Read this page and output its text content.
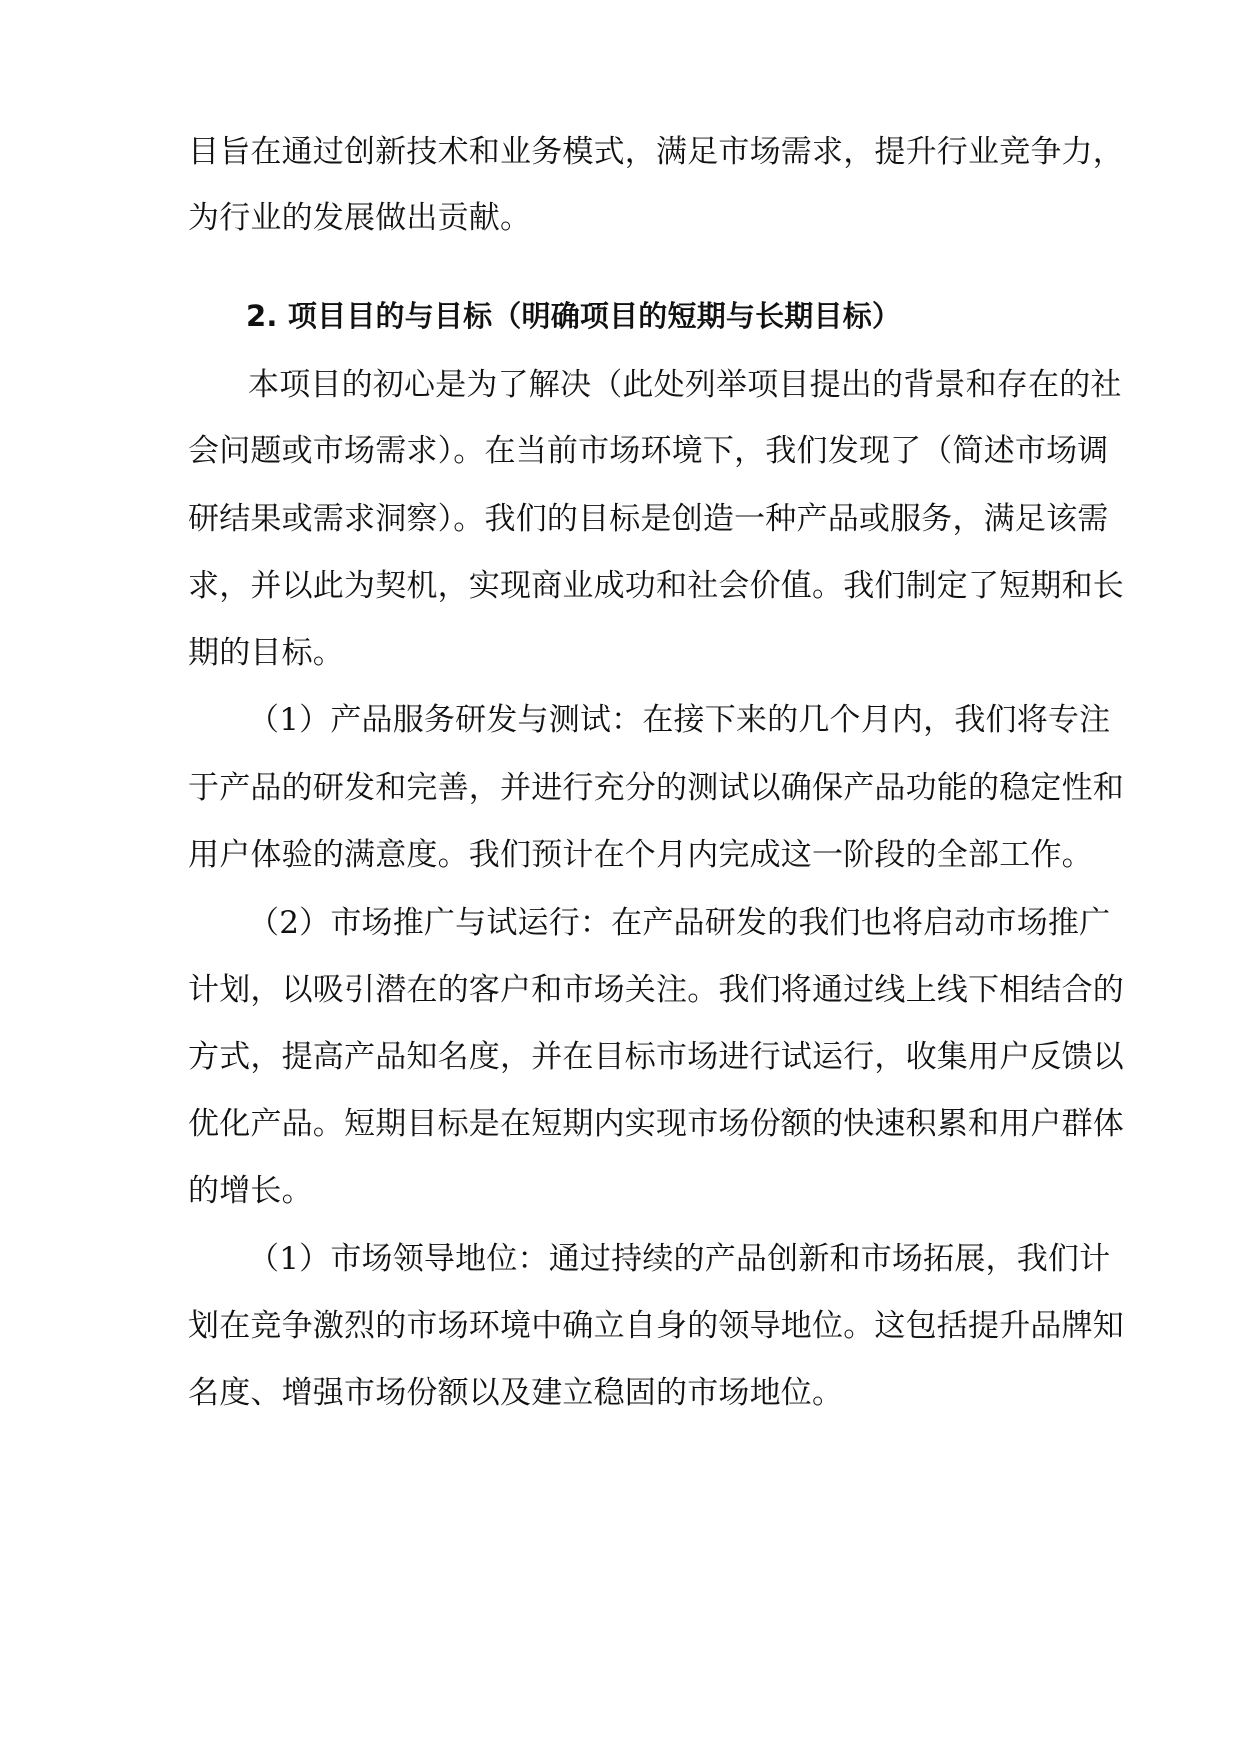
目旨在通过创新技术和业务模式，满足市场需求，提升行业竞争力，
为行业的发展做出贡献。
2. 项目目的与目标（明确项目的短期与长期目标）
本项目的初心是为了解决（此处列举项目提出的背景和存在的社
会问题或市场需求）。在当前市场环境下，我们发现了（简述市场调
研结果或需求洞察）。我们的目标是创造一种产品或服务，满足该需
求，并以此为契机，实现商业成功和社会价值。我们制定了短期和长
期的目标。
（1）产品服务研发与测试：在接下来的几个月内，我们将专注
于产品的研发和完善，并进行充分的测试以确保产品功能的稳定性和
用户体验的满意度。我们预计在个月内完成这一阶段的全部工作。
（2）市场推广与试运行：在产品研发的我们也将启动市场推广
计划，以吸引潜在的客户和市场关注。我们将通过线上线下相结合的
方式，提高产品知名度，并在目标市场进行试运行，收集用户反馈以
优化产品。短期目标是在短期内实现市场份额的快速积累和用户群体
的增长。
（1）市场领导地位：通过持续的产品创新和市场拓展，我们计
划在竞争激烈的市场环境中确立自身的领导地位。这包括提升品牌知
名度、增强市场份额以及建立稳固的市场地位。
